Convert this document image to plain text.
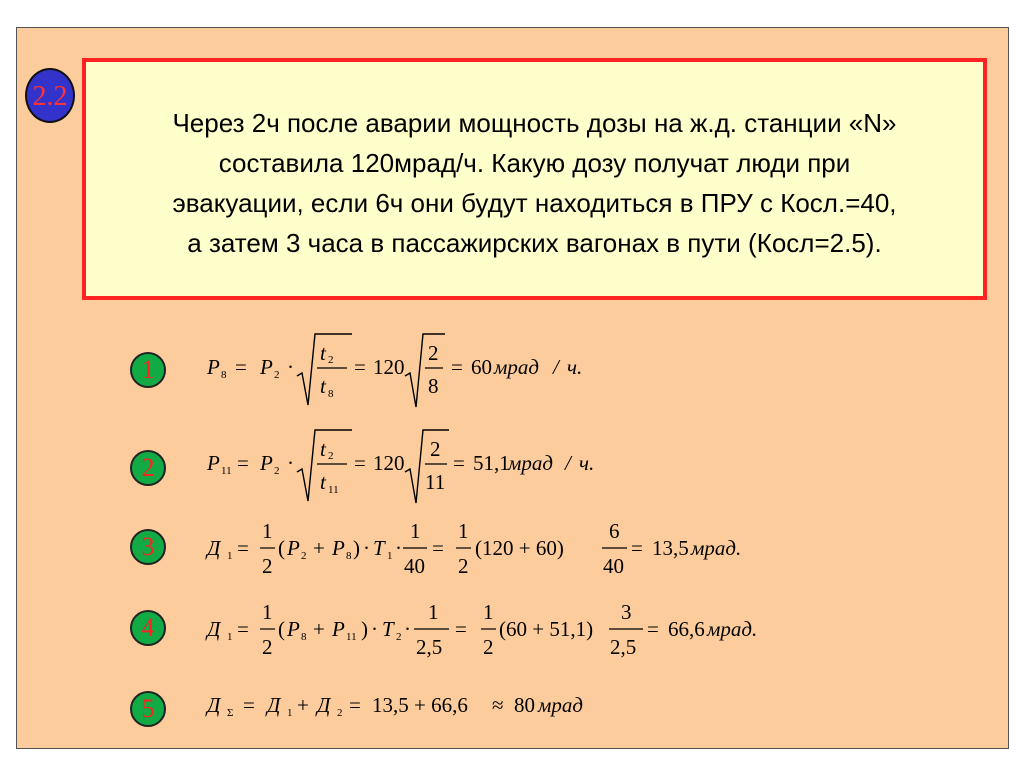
2.2
Через 2ч после аварии мощность дозы на ж.д. станции «N»
составила 120мрад/ч. Какую дозу получат люди при
эвакуации, если 6ч они будут находиться в ПРУ с Косл.=40,
а затем 3 часа в пассажирских вагонах в пути (Косл=2.5).
1
2
3
4
5
P 8 = P 2 ·
t 2
t 8
= 120
2
8
= 60 мрад / ч.
P 11 = P 2 ·
t 2
t 11
= 120
2
11
= 51,1
мрад / ч.
Д 1 =
1
2
( P 2 + P 8 ) · T 1 ·
1
40
=
1
2
(120 + 60)
6
40
= 13,5 мрад.
Д 1 =
1
2
( P 8 + P 11 ) · T 2 ·
1
2,5
=
1
2
(60 + 51,1)
3
2,5
= 66,6 мрад.
Д Σ = Д 1 + Д 2 = 13,5 + 66,6 ≈ 80 мрад
